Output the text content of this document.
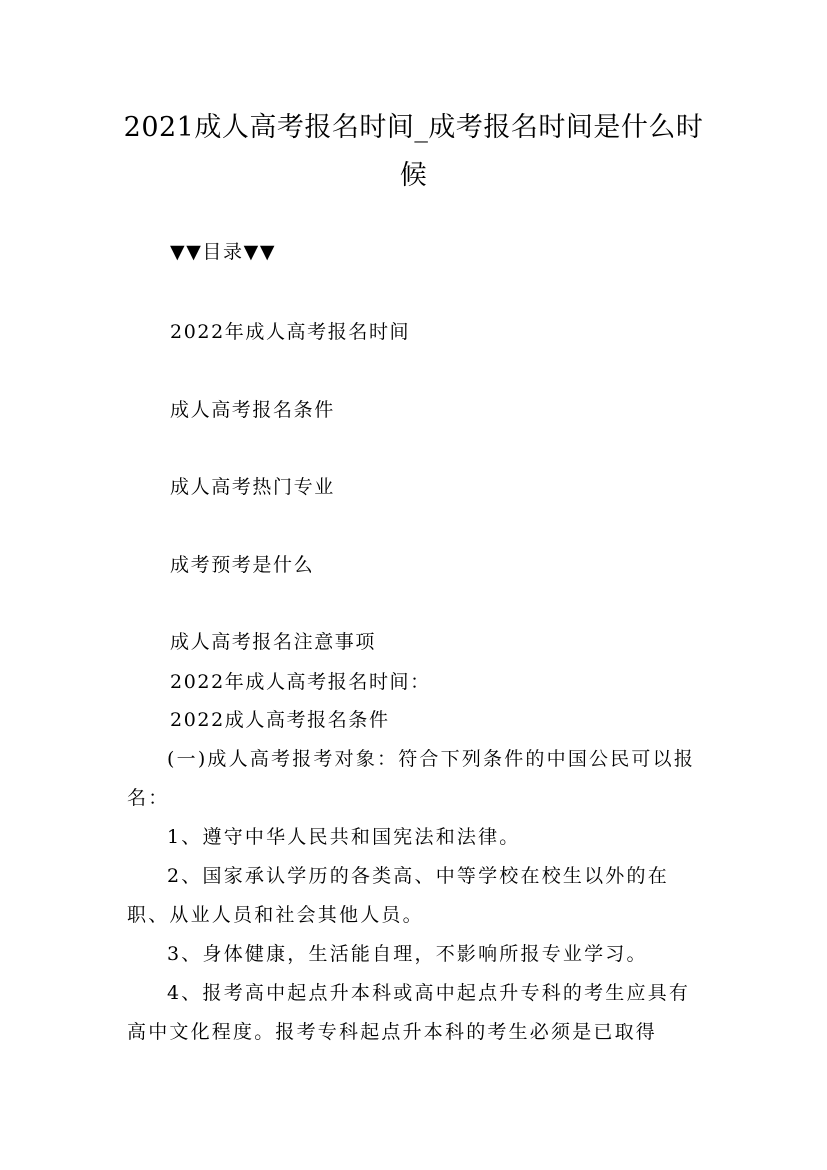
2021成人高考报名时间_成考报名时间是什么时候
▼▼目录▼▼
2022年成人高考报名时间
成人高考报名条件
成人高考热门专业
成考预考是什么
成人高考报名注意事项
2022年成人高考报名时间：
2022成人高考报名条件
(一)成人高考报考对象：符合下列条件的中国公民可以报名：
1、遵守中华人民共和国宪法和法律。
2、国家承认学历的各类高、中等学校在校生以外的在职、从业人员和社会其他人员。
3、身体健康，生活能自理，不影响所报专业学习。
4、报考高中起点升本科或高中起点升专科的考生应具有高中文化程度。报考专科起点升本科的考生必须是已取得
